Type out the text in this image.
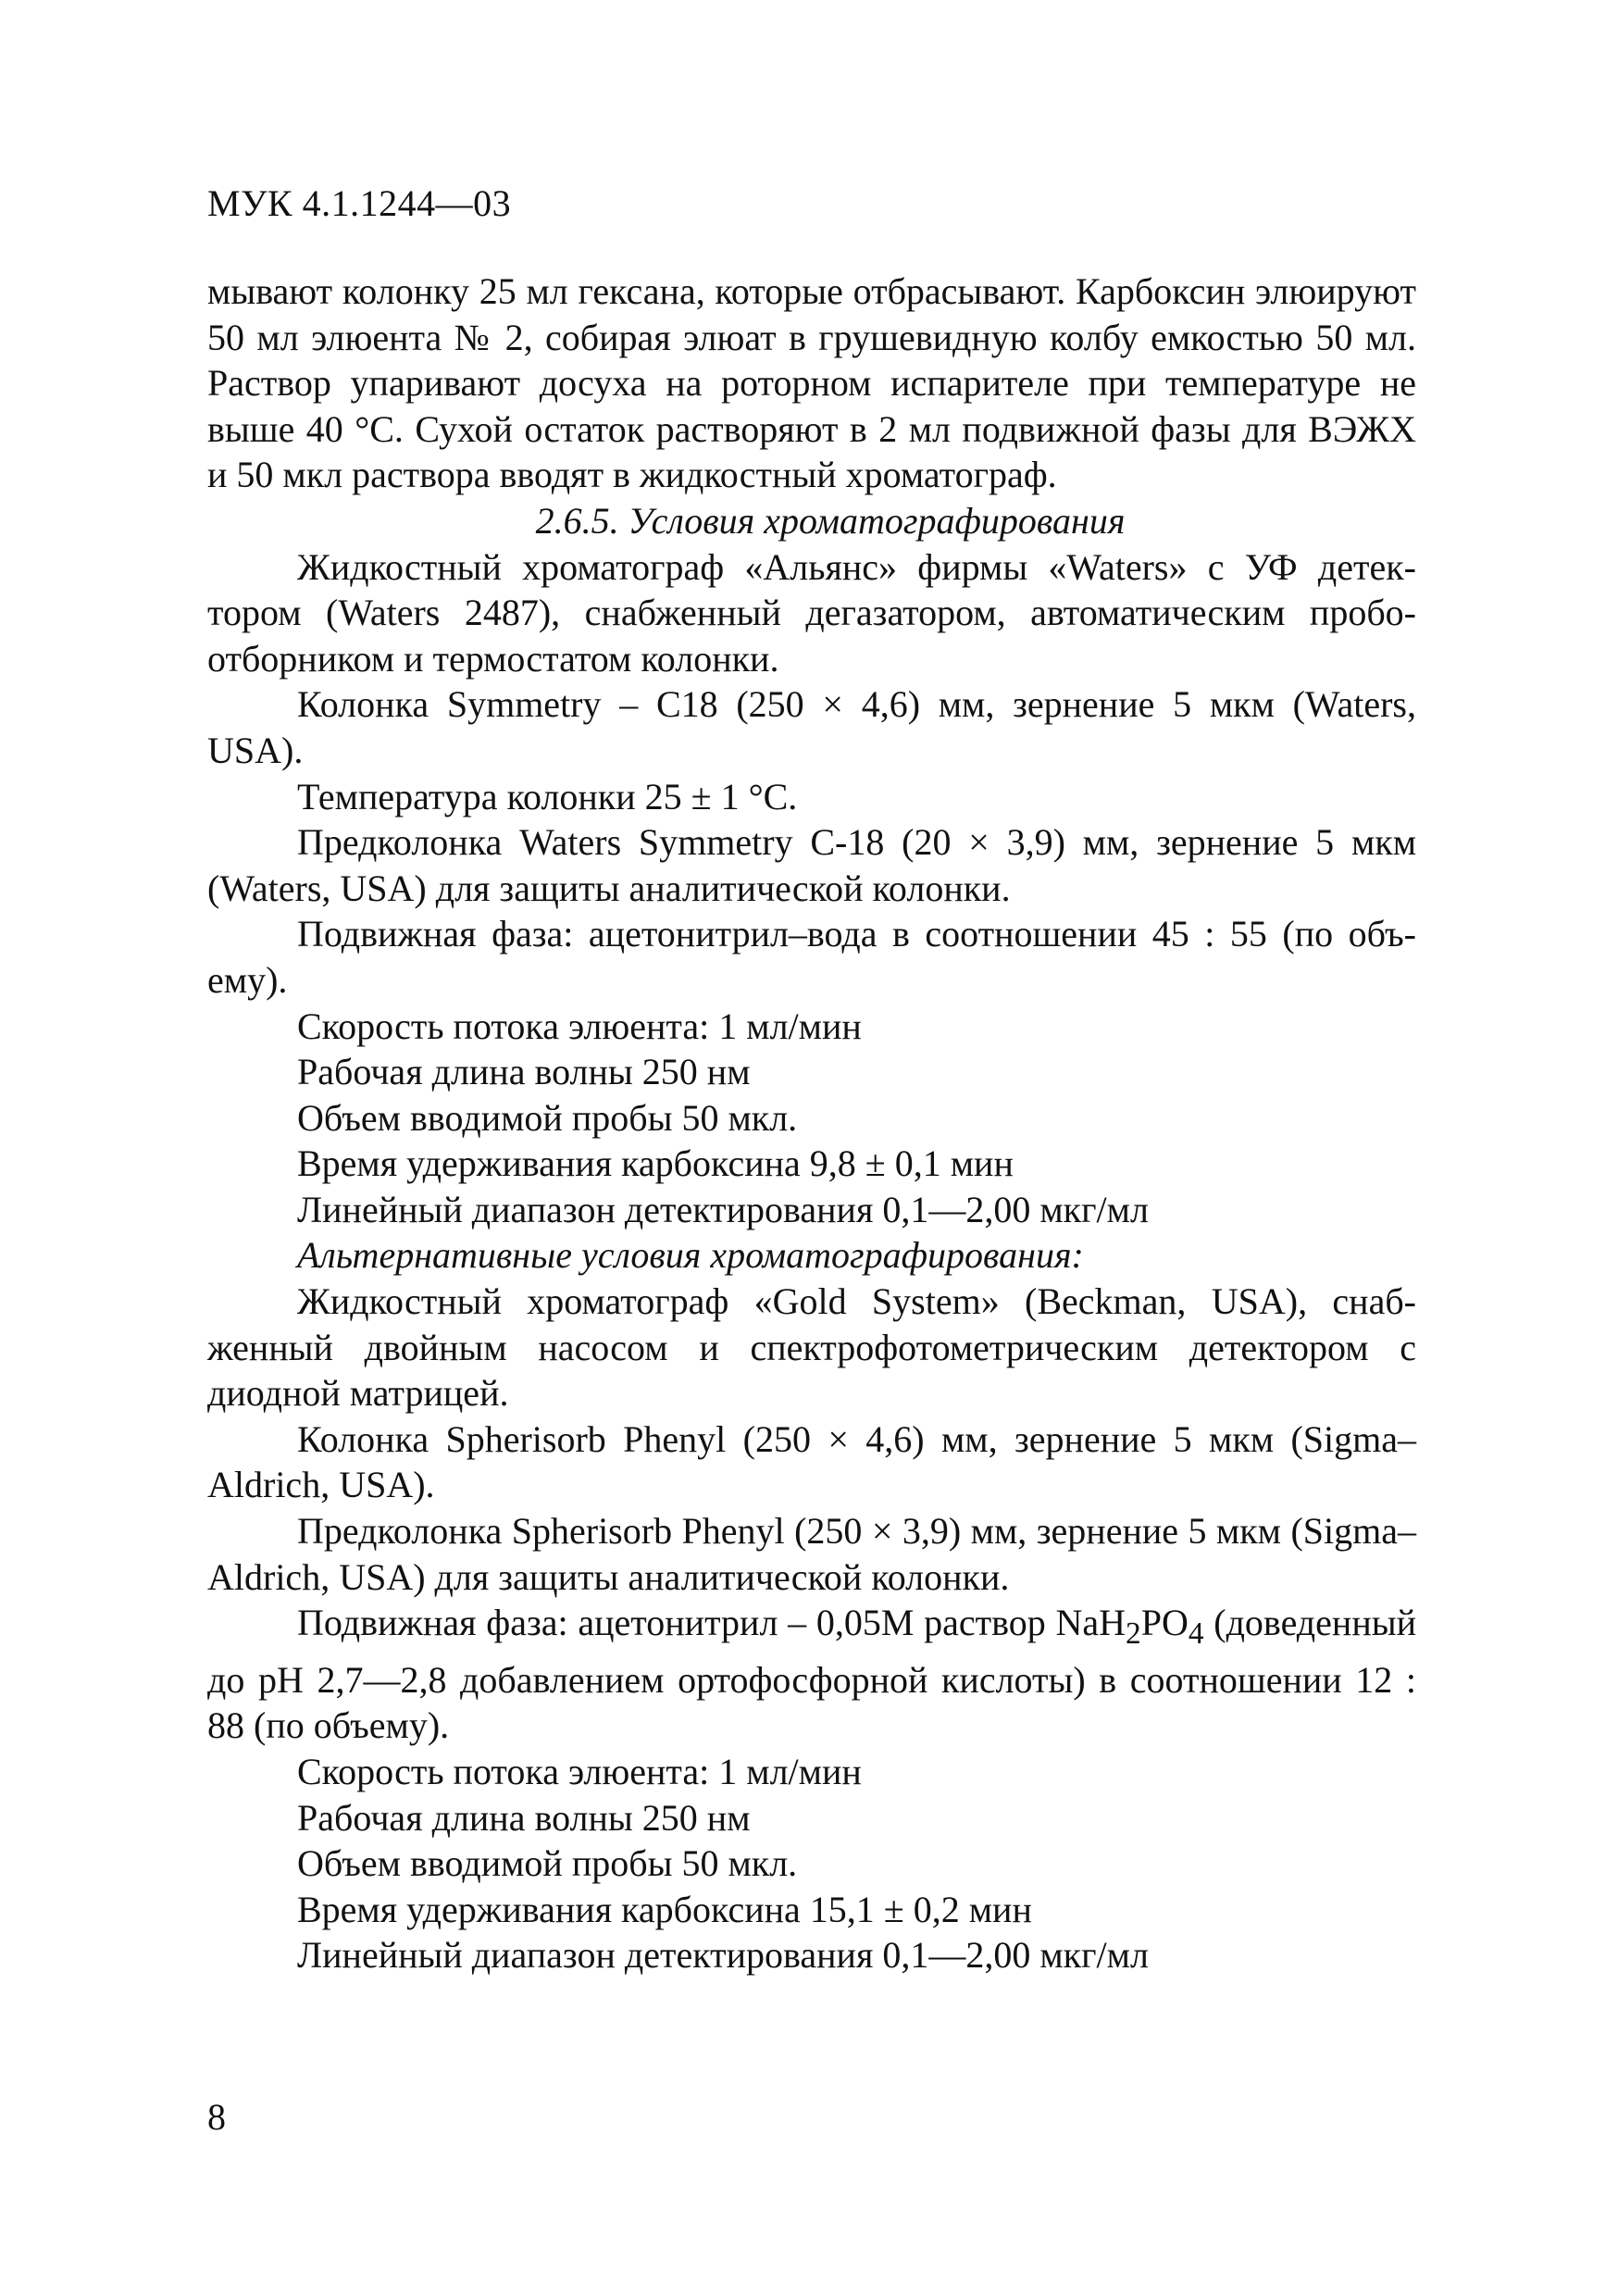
МУК 4.1.1244—03

мывают колонку 25 мл гексана, которые отбрасывают. Карбоксин элюируют 50 мл элюента № 2, собирая элюат в грушевидную колбу емкостью 50 мл. Раствор упаривают досуха на роторном испарителе при температуре не выше 40 °С. Сухой остаток растворяют в 2 мл подвижной фазы для ВЭЖХ и 50 мкл раствора вводят в жидкостный хроматограф.

2.6.5. Условия хроматографирования

Жидкостный хроматограф «Альянс» фирмы «Waters» с УФ детектором (Waters 2487), снабженный дегазатором, автоматическим пробоотборником и термостатом колонки.

Колонка Symmetry – С18 (250 × 4,6) мм, зернение 5 мкм (Waters, USA).

Температура колонки 25 ± 1 °С.

Предколонка Waters Symmetry С-18 (20 × 3,9) мм, зернение 5 мкм (Waters, USA) для защиты аналитической колонки.

Подвижная фаза: ацетонитрил–вода в соотношении 45 : 55 (по объему).

Скорость потока элюента: 1 мл/мин

Рабочая длина волны 250 нм

Объем вводимой пробы 50 мкл.

Время удерживания карбоксина 9,8 ± 0,1 мин

Линейный диапазон детектирования 0,1—2,00 мкг/мл

Альтернативные условия хроматографирования:

Жидкостный хроматограф «Gold System» (Beckman, USA), снабженный двойным насосом и спектрофотометрическим детектором с диодной матрицей.

Колонка Spherisorb Phenyl (250 × 4,6) мм, зернение 5 мкм (Sigma–Aldrich, USA).

Предколонка Spherisorb Phenyl (250 × 3,9) мм, зернение 5 мкм (Sigma–Aldrich, USA) для защиты аналитической колонки.

Подвижная фаза: ацетонитрил – 0,05М раствор $NaH_2PO_4$ (доведенный до рН 2,7—2,8 добавлением ортофосфорной кислоты) в соотношении 12 : 88 (по объему).

Скорость потока элюента: 1 мл/мин

Рабочая длина волны 250 нм

Объем вводимой пробы 50 мкл.

Время удерживания карбоксина 15,1 ± 0,2 мин

Линейный диапазон детектирования 0,1—2,00 мкг/мл

8
